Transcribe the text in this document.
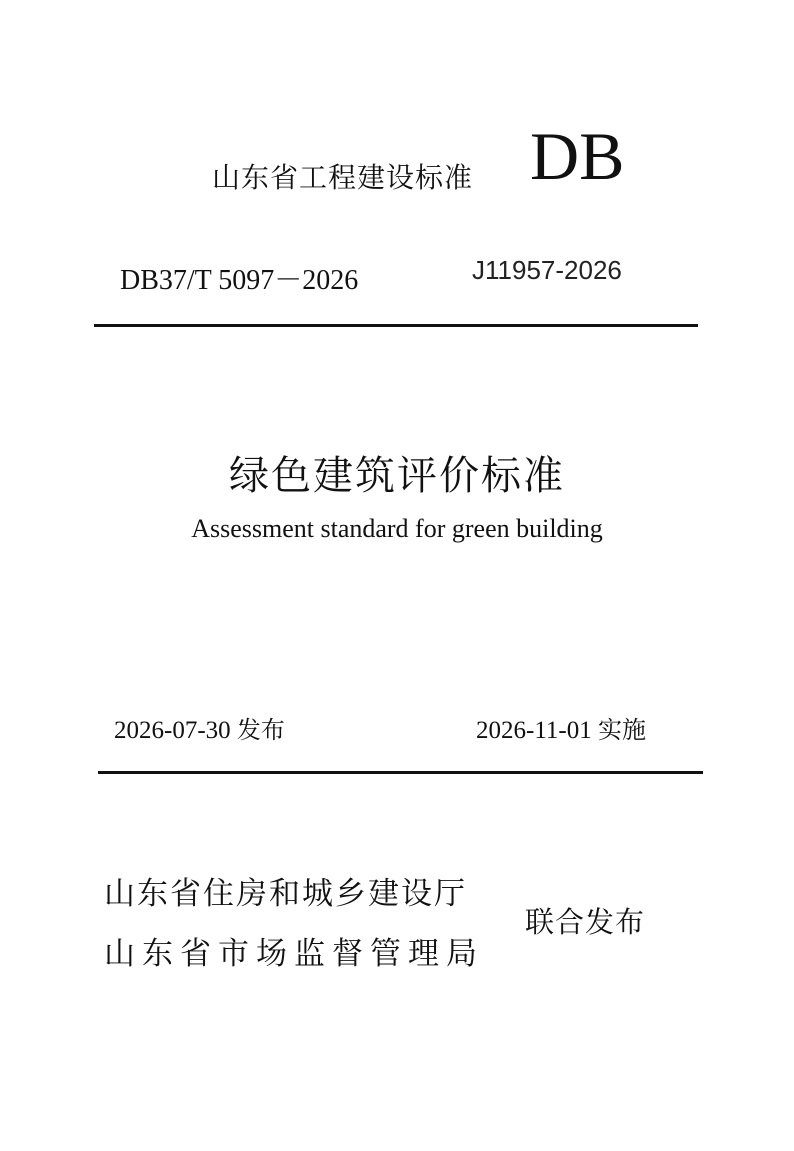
山东省工程建设标准 DB
DB37/T 5097－2026	J11957-2026
绿色建筑评价标准
Assessment standard for green building
2026-07-30 发布	2026-11-01 实施
山东省住房和城乡建设厅
山东省市场监督管理局
联合发布
